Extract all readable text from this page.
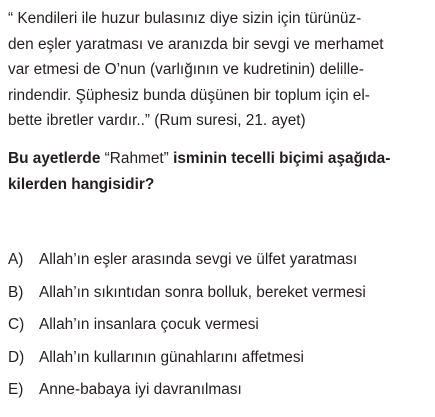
“ Kendileri ile huzur bulasınız diye sizin için türünüz-
den eşler yaratması ve aranızda bir sevgi ve merhamet
var etmesi de O’nun (varlığının ve kudretinin) delille-
rindendir. Şüphesiz bunda düşünen bir toplum için el-
bette ibretler vardır..” (Rum suresi, 21. ayet)
Bu ayetlerde “Rahmet” isminin tecelli biçimi aşağıda-
kilerden hangisidir?
A)	Allah’ın eşler arasında sevgi ve ülfet yaratması
B)	Allah’ın sıkıntıdan sonra bolluk, bereket vermesi
C) Allah’ın insanlara çocuk vermesi
D) Allah’ın kullarının günahlarını affetmesi
E)	Anne-babaya iyi davranılması
